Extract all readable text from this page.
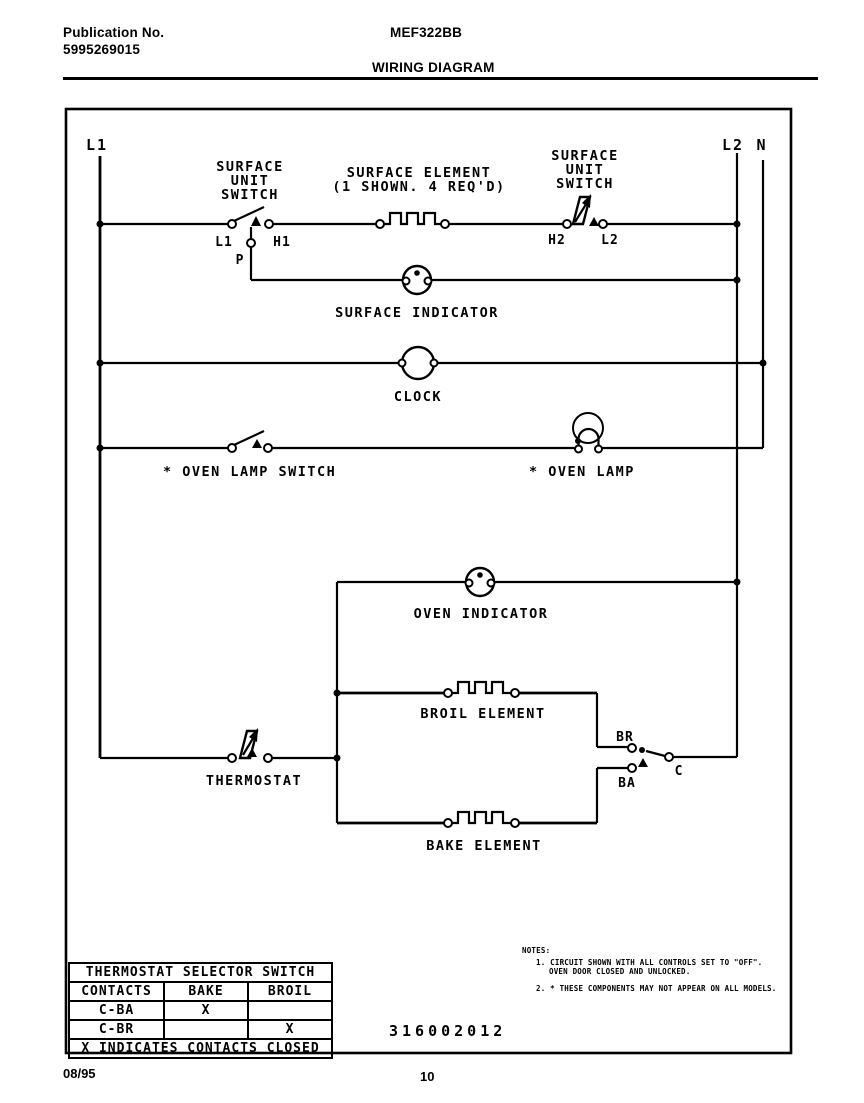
Publication No.
5995269015
MEF322BB
WIRING DIAGRAM
L1	L2 N
SURFACE
UNIT
SWITCH
L1	H1
P
SURFACE ELEMENT
(1 SHOWN. 4 REQ'D)
SURFACE
UNIT
SWITCH
H2	L2
SURFACE INDICATOR
CLOCK
* OVEN LAMP SWITCH	* OVEN LAMP
OVEN INDICATOR
BROIL ELEMENT
BAKE ELEMENT
THERMOSTAT
BR
BA
C
316002012
NOTES:
1. CIRCUIT SHOWN WITH ALL CONTROLS SET TO "OFF".
OVEN DOOR CLOSED AND UNLOCKED.
2. * THESE COMPONENTS MAY NOT APPEAR ON ALL MODELS.
THERMOSTAT SELECTOR SWITCH		
CONTACTS	BAKE	BROIL
C-BA	X	
C-BR		X
X INDICATES CONTACTS CLOSED		
08/95	10
